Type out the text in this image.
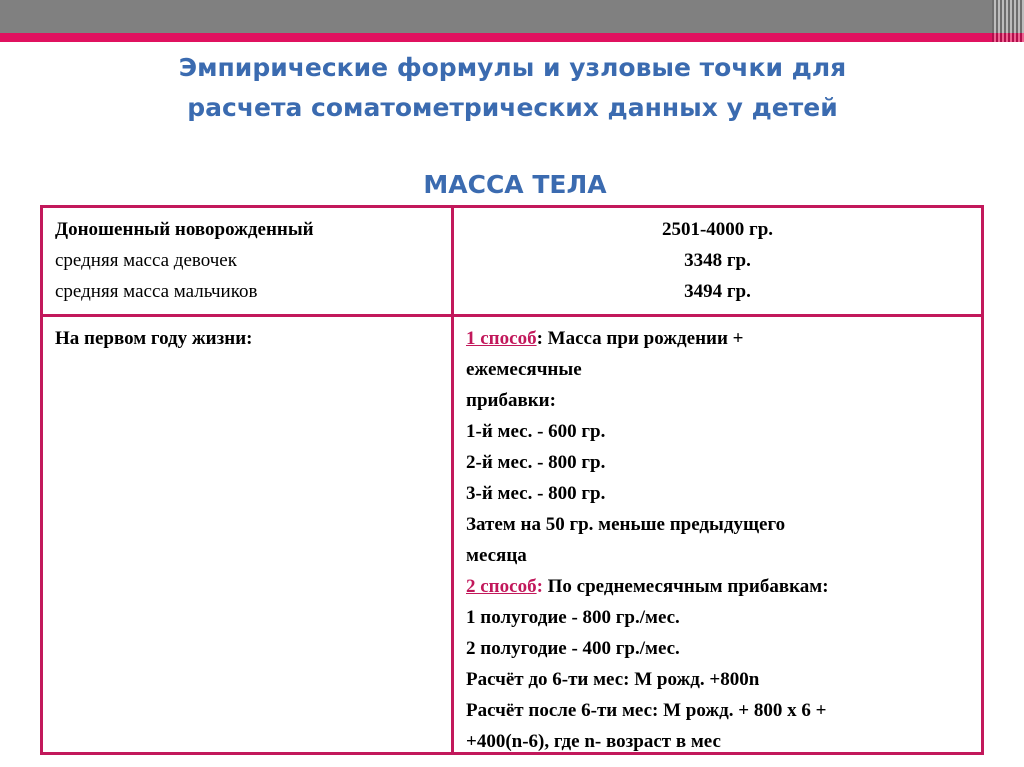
Эмпирические формулы и узловые точки для
расчета соматометрических данных у детей
МАССА ТЕЛА
Доношенный новорожденный
средняя масса девочек
средняя масса мальчиков
2501-4000 гр.
3348 гр.
3494 гр.
На первом году жизни:	1 способ: Масса при рождении +
ежемесячные
прибавки:
1-й мес. - 600 гр.
2-й мес. - 800 гр.
3-й мес. - 800 гр.
Затем на 50 гр. меньше предыдущего
месяца
2 способ: По среднемесячным прибавкам:
1 полугодие - 800 гр./мес.
2 полугодие - 400 гр./мес.
Расчёт до 6-ти мес: М рожд. +800n
Расчёт после 6-ти мес: М рожд. + 800 х 6 +
+400(n-6), где n- возраст в мес
